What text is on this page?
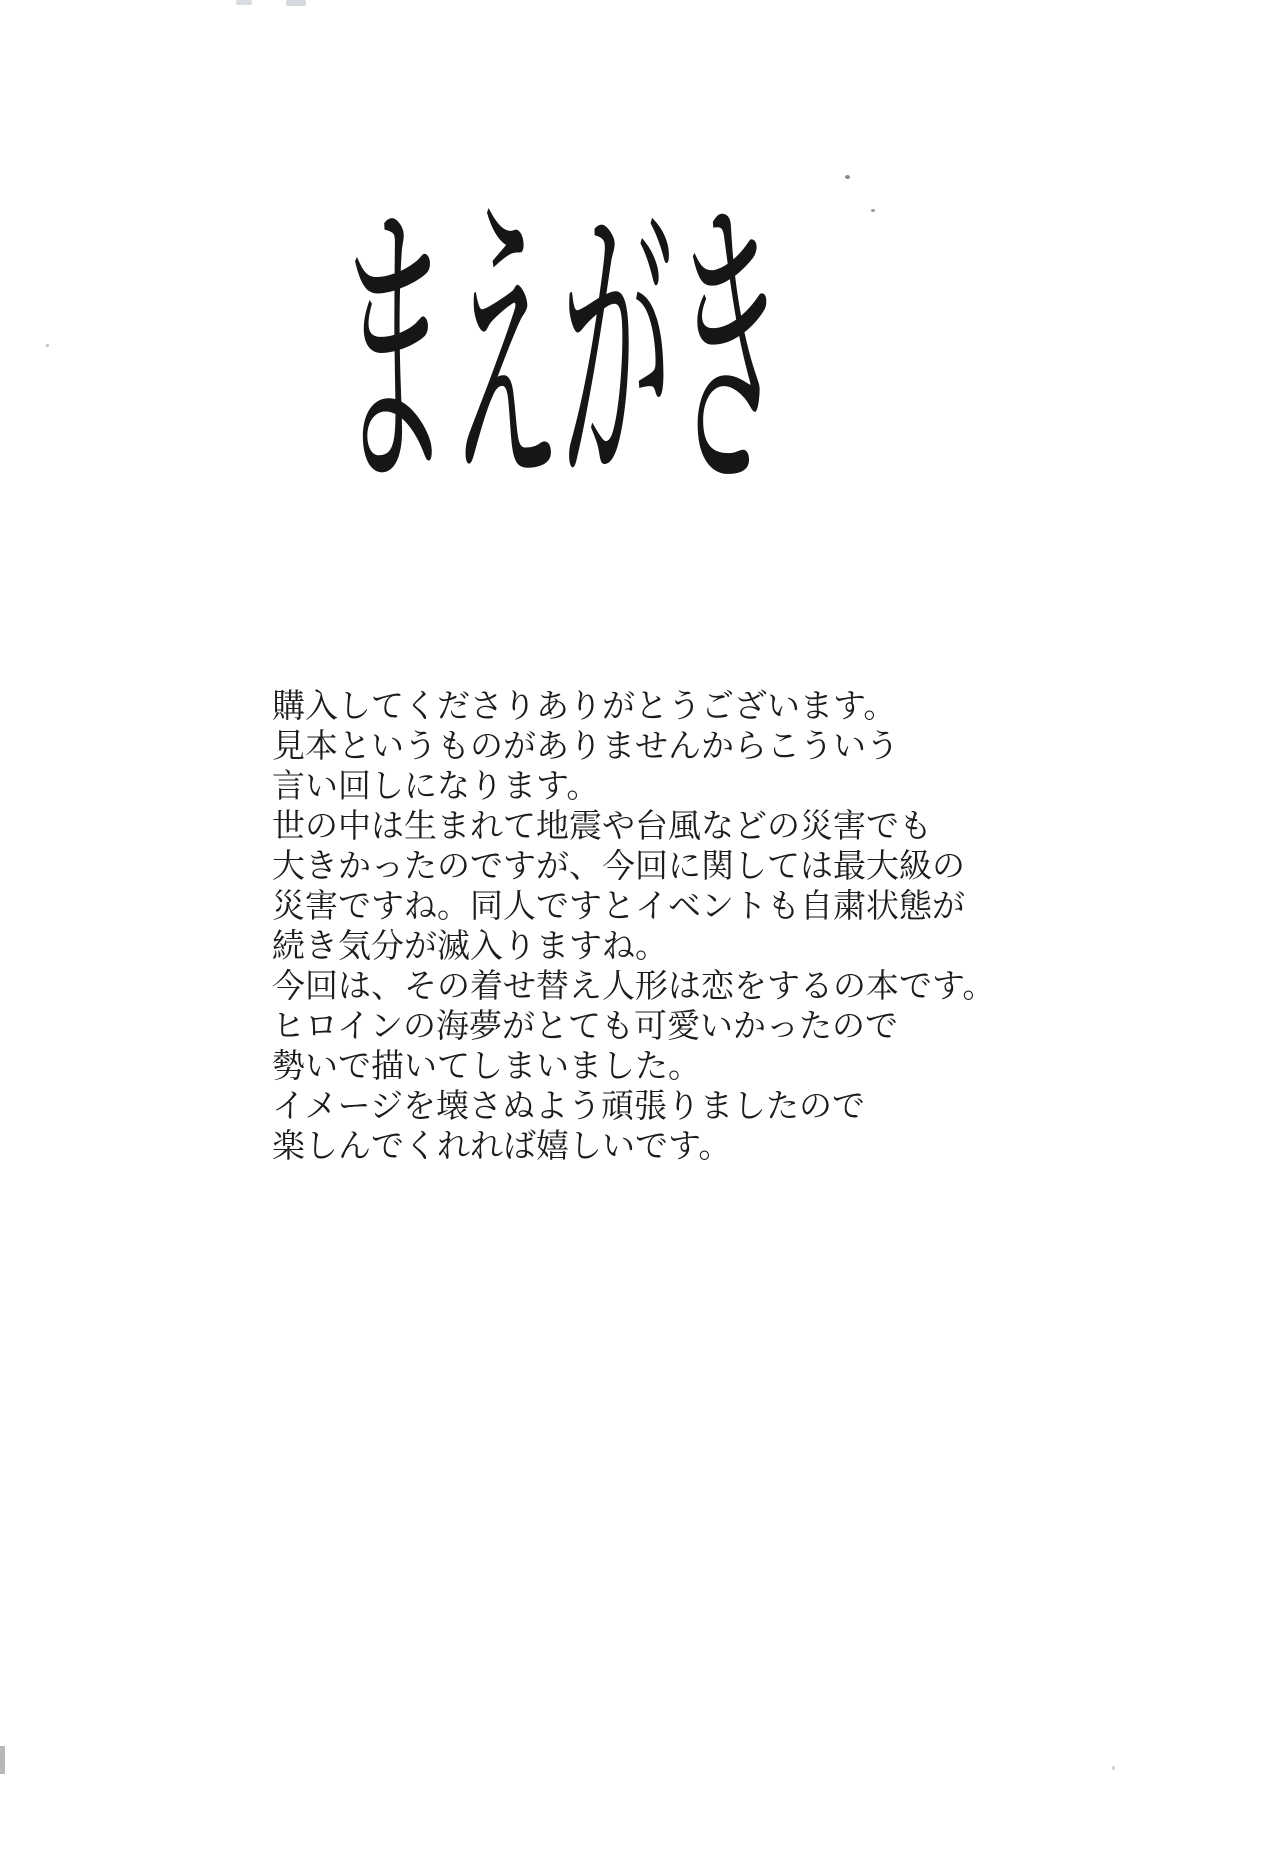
まえがき

購入してくださりありがとうございます。

見本というものがありませんからこういう

言い回しになります。

世の中は生まれて地震や台風などの災害でも

大きかったのですが、今回に関しては最大級の

災害ですね。同人ですとイベントも自粛状態が

続き気分が滅入りますね。

今回は、その着せ替え人形は恋をするの本です。

ヒロインの海夢がとても可愛いかったので

勢いで描いてしまいました。

イメージを壊さぬよう頑張りましたので

楽しんでくれれば嬉しいです。
